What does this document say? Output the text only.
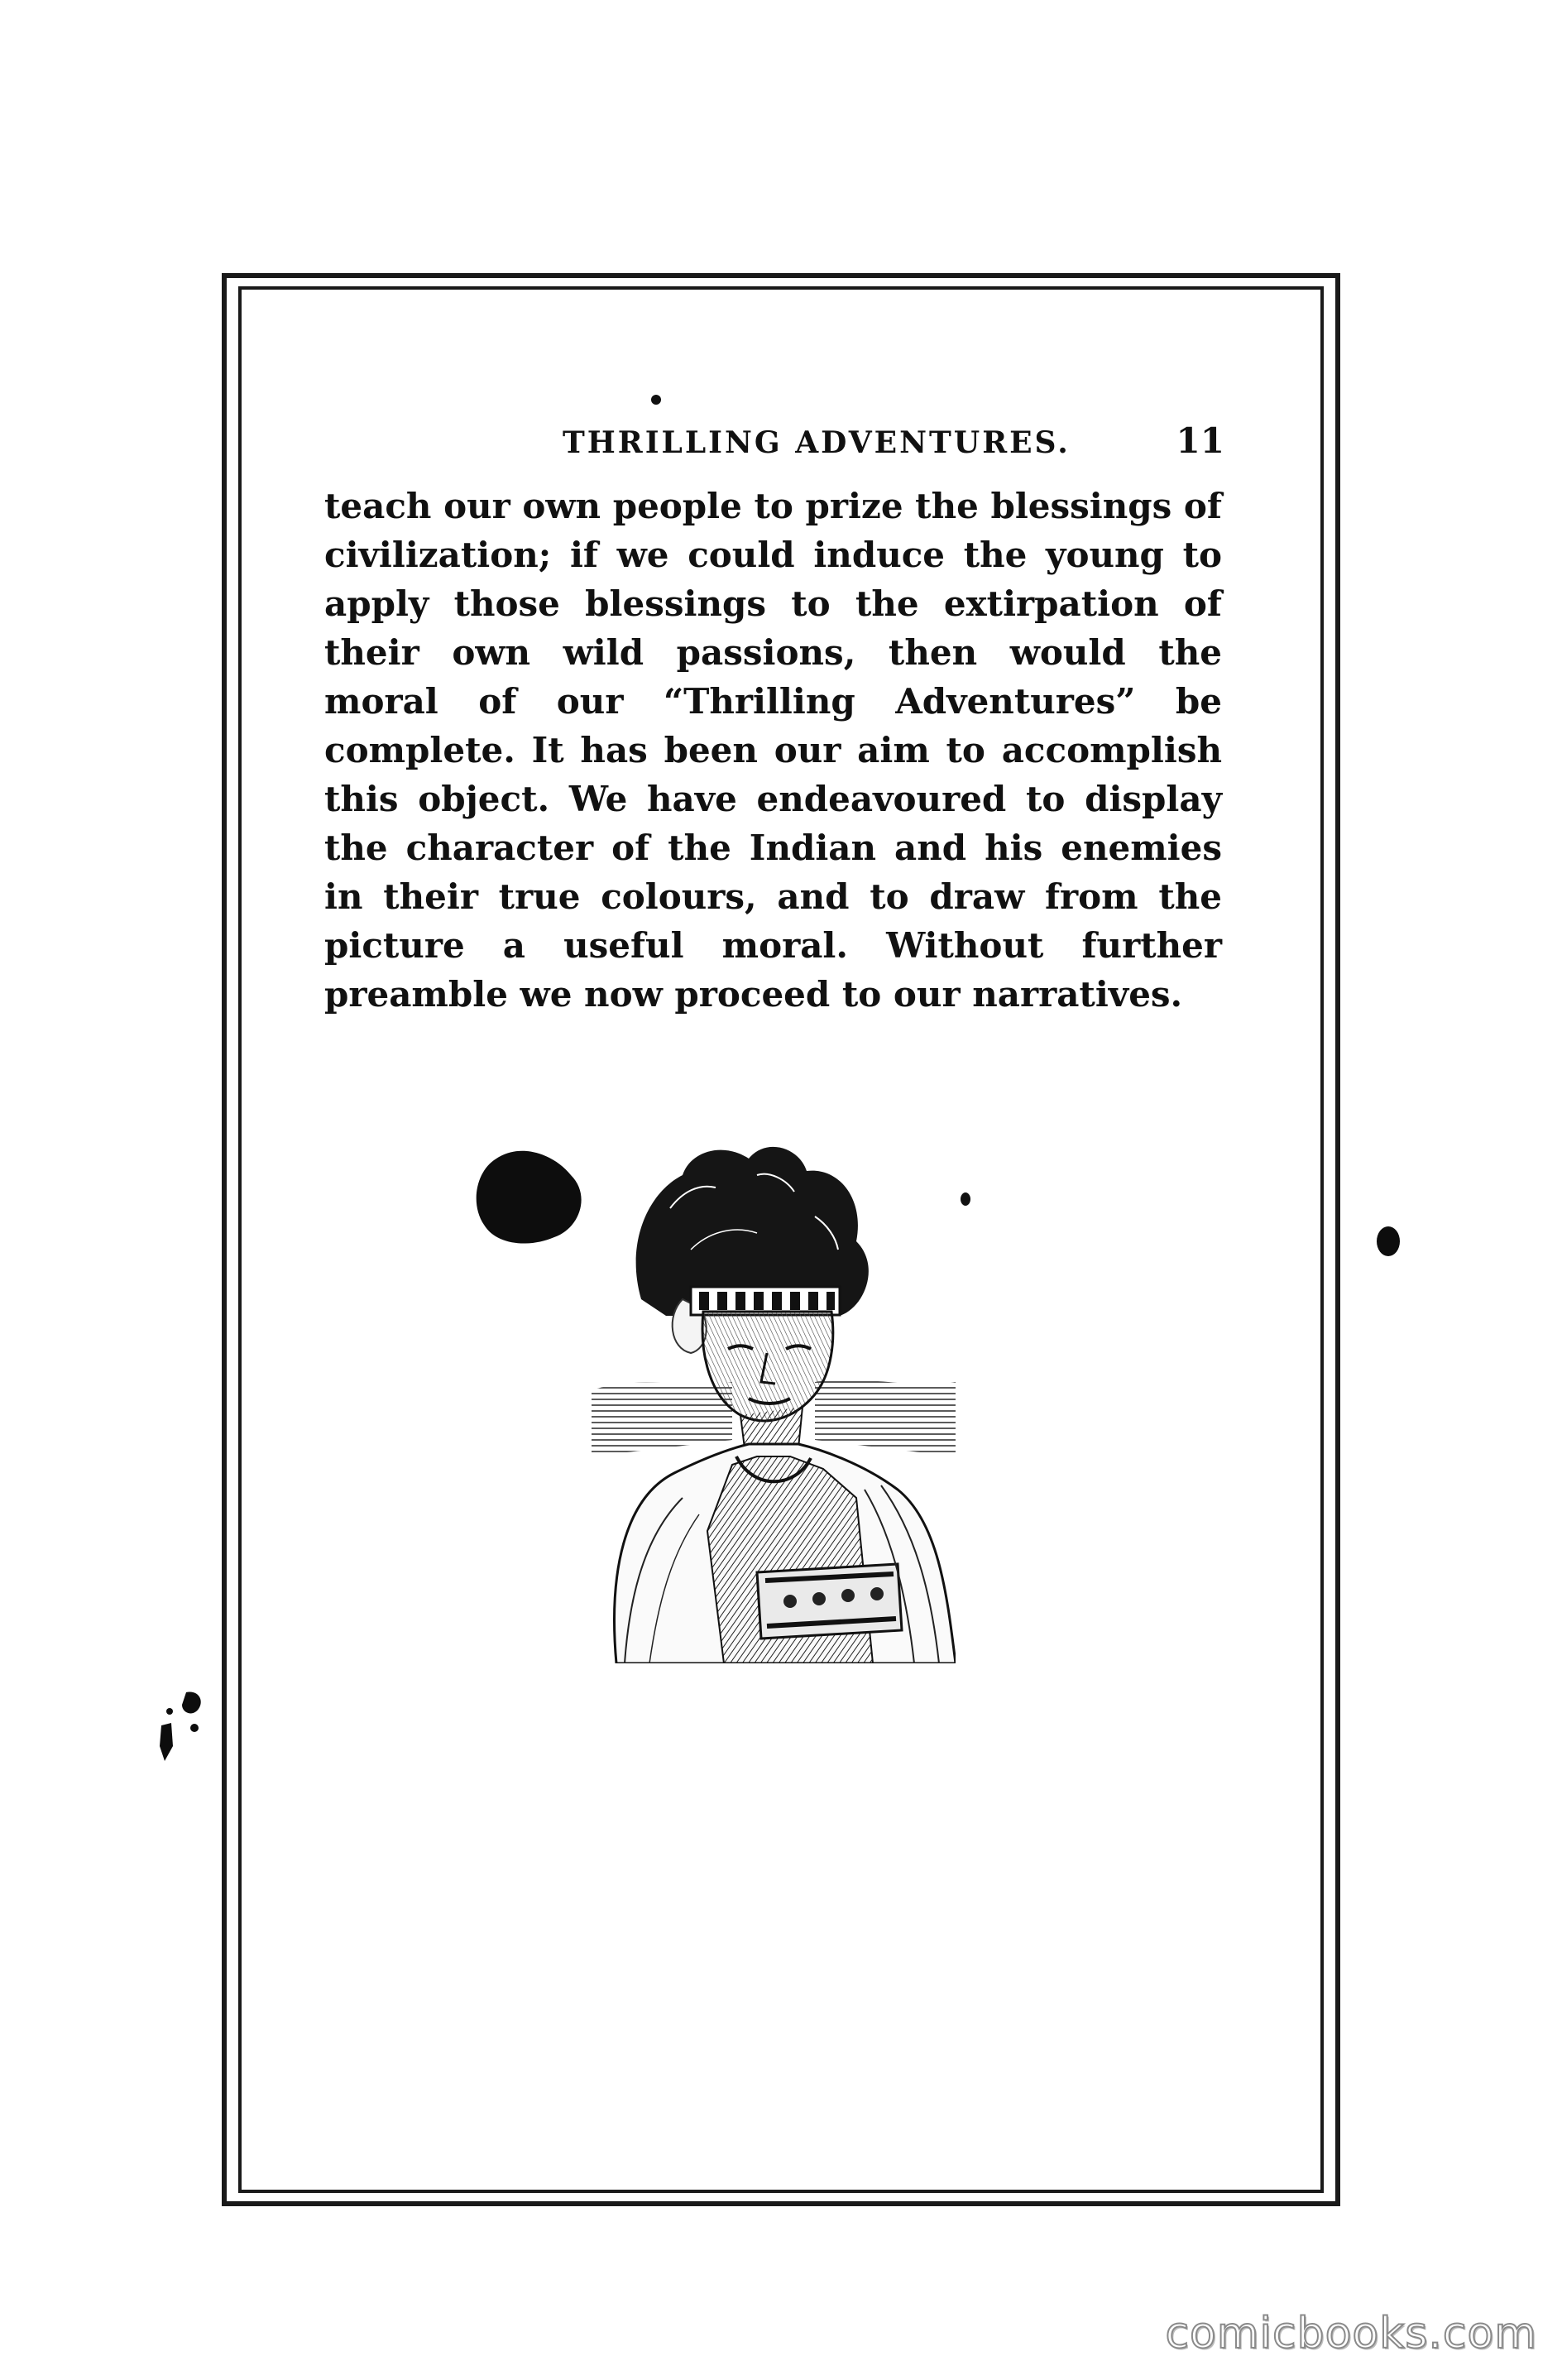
THRILLING ADVENTURES.	11

teach our own people to prize the blessings of civilization; if we could induce the young to apply those blessings to the extirpation of their own wild passions, then would the moral of our “Thrilling Adventures” be complete. It has been our aim to accomplish this object. We have endeavoured to display the character of the Indian and his enemies in their true colours, and to draw from the picture a useful moral. Without further preamble we now proceed to our narratives.

comicbooks.com
